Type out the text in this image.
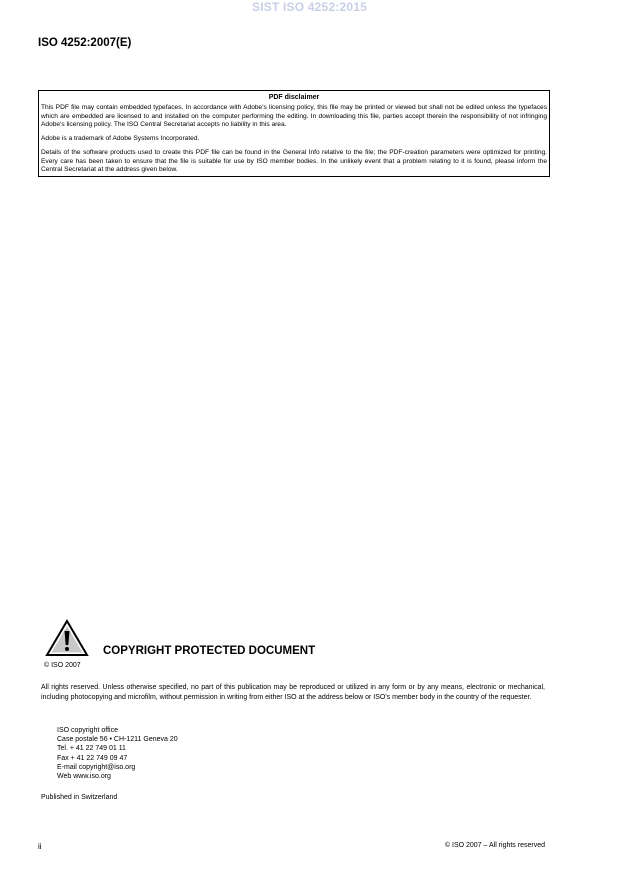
SIST ISO 4252:2015
ISO 4252:2007(E)
PDF disclaimer

This PDF file may contain embedded typefaces. In accordance with Adobe's licensing policy, this file may be printed or viewed but shall not be edited unless the typefaces which are embedded are licensed to and installed on the computer performing the editing. In downloading this file, parties accept therein the responsibility of not infringing Adobe's licensing policy. The ISO Central Secretariat accepts no liability in this area.

Adobe is a trademark of Adobe Systems Incorporated.

Details of the software products used to create this PDF file can be found in the General Info relative to the file; the PDF-creation parameters were optimized for printing. Every care has been taken to ensure that the file is suitable for use by ISO member bodies. In the unlikely event that a problem relating to it is found, please inform the Central Secretariat at the address given below.

COPYRIGHT PROTECTED DOCUMENT
© ISO 2007
All rights reserved. Unless otherwise specified, no part of this publication may be reproduced or utilized in any form or by any means, electronic or mechanical, including photocopying and microfilm, without permission in writing from either ISO at the address below or ISO's member body in the country of the requester.
ISO copyright office
Case postale 56 • CH-1211 Geneva 20
Tel. + 41 22 749 01 11
Fax + 41 22 749 09 47
E-mail copyright@iso.org
Web www.iso.org
Published in Switzerland
ii	© ISO 2007 – All rights reserved
